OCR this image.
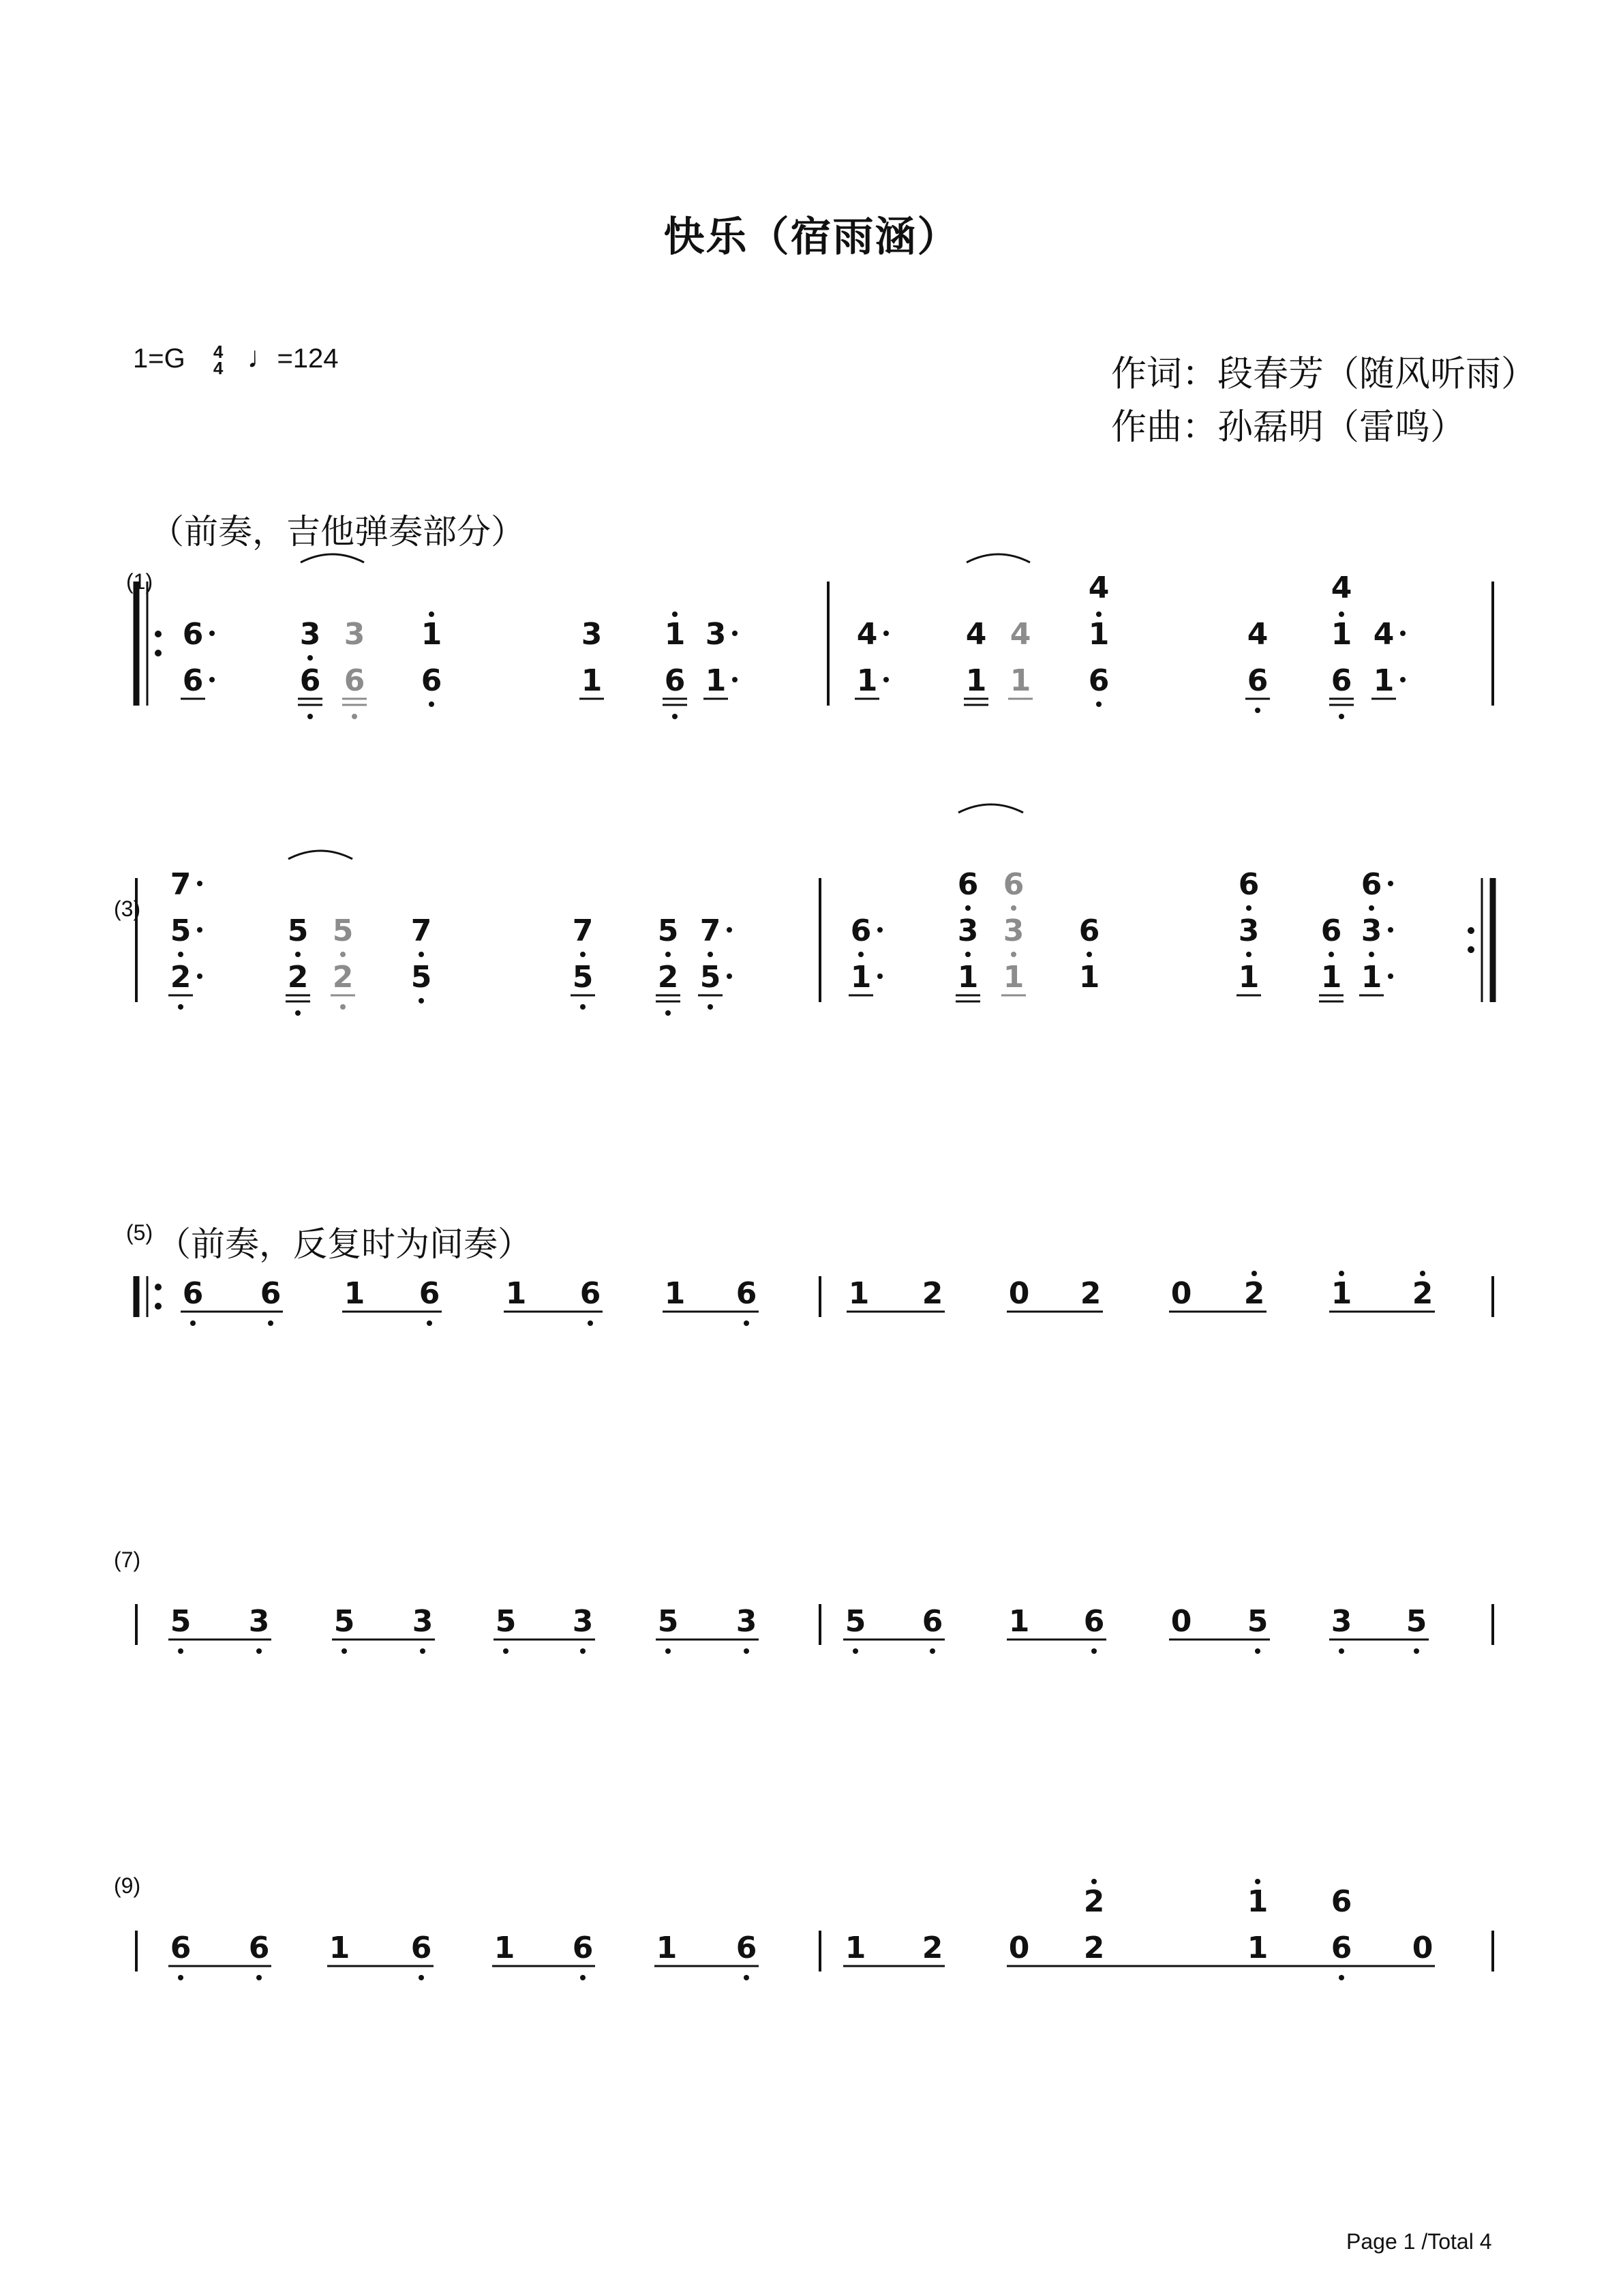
快乐（宿雨涵）
1=G 4
4 ♩=124	作词：段春芳（随风听雨）
作曲：孙磊明（雷鸣）
（前奏，吉他弹奏部分）
（前奏，反复时为间奏）
(1)
(3)
(5)
(7)
(9)
6
6
3
6
3
6
1
6
3
1
1
6
3
1
4
1
4
1
4
1
4
1
6
4
6
4
1
6
4
1
7
5
2
5
2
5
2
7
5
7
5
5
2
7
5
6
1
6
3
1
6
3
1
6
1
6
3
1
6
1
6
3
1
6 6 1 6 1 6 1 6	1 2 0 2 0 2 1 2
5 3 5 3 5 3 5 3	5 6 1 6 0 5 3 5
6 6 1 6 1 6 1 6	1 2 0
2
2
1
1
6
6 0
Page 1 /Total 4
